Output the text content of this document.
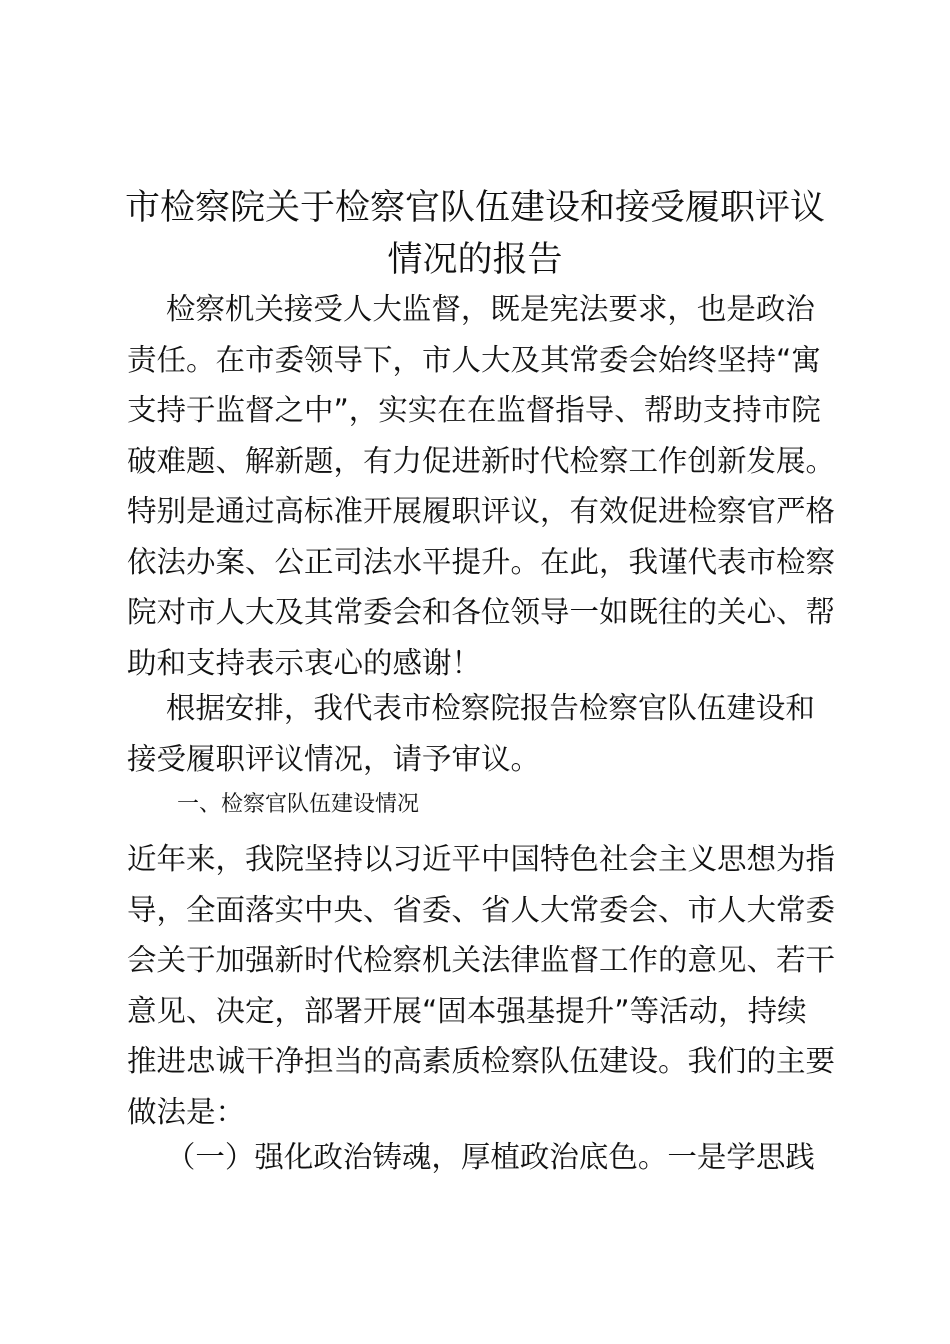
市检察院关于检察官队伍建设和接受履职评议
情况的报告
　 检察机关接受人大监督，既是宪法要求，也是政治
责任。在市委领导下，市人大及其常委会始终坚持“寓
支持于监督之中”，实实在在监督指导、帮助支持市院
破难题、解新题，有力促进新时代检察工作创新发展。
特别是通过高标准开展履职评议，有效促进检察官严格
依法办案、公正司法水平提升。在此，我谨代表市检察
院对市人大及其常委会和各位领导一如既往的关心、帮
助和支持表示衷心的感谢！
　 根据安排，我代表市检察院报告检察官队伍建设和
接受履职评议情况，请予审议。
一、检察官队伍建设情况
近年来，我院坚持以习近平中国特色社会主义思想为指
导，全面落实中央、省委、省人大常委会、市人大常委
会关于加强新时代检察机关法律监督工作的意见、若干
意见、决定，部署开展“固本强基提升”等活动，持续
推进忠诚干净担当的高素质检察队伍建设。我们的主要
做法是：
　 （一）强化政治铸魂，厚植政治底色。一是学思践
